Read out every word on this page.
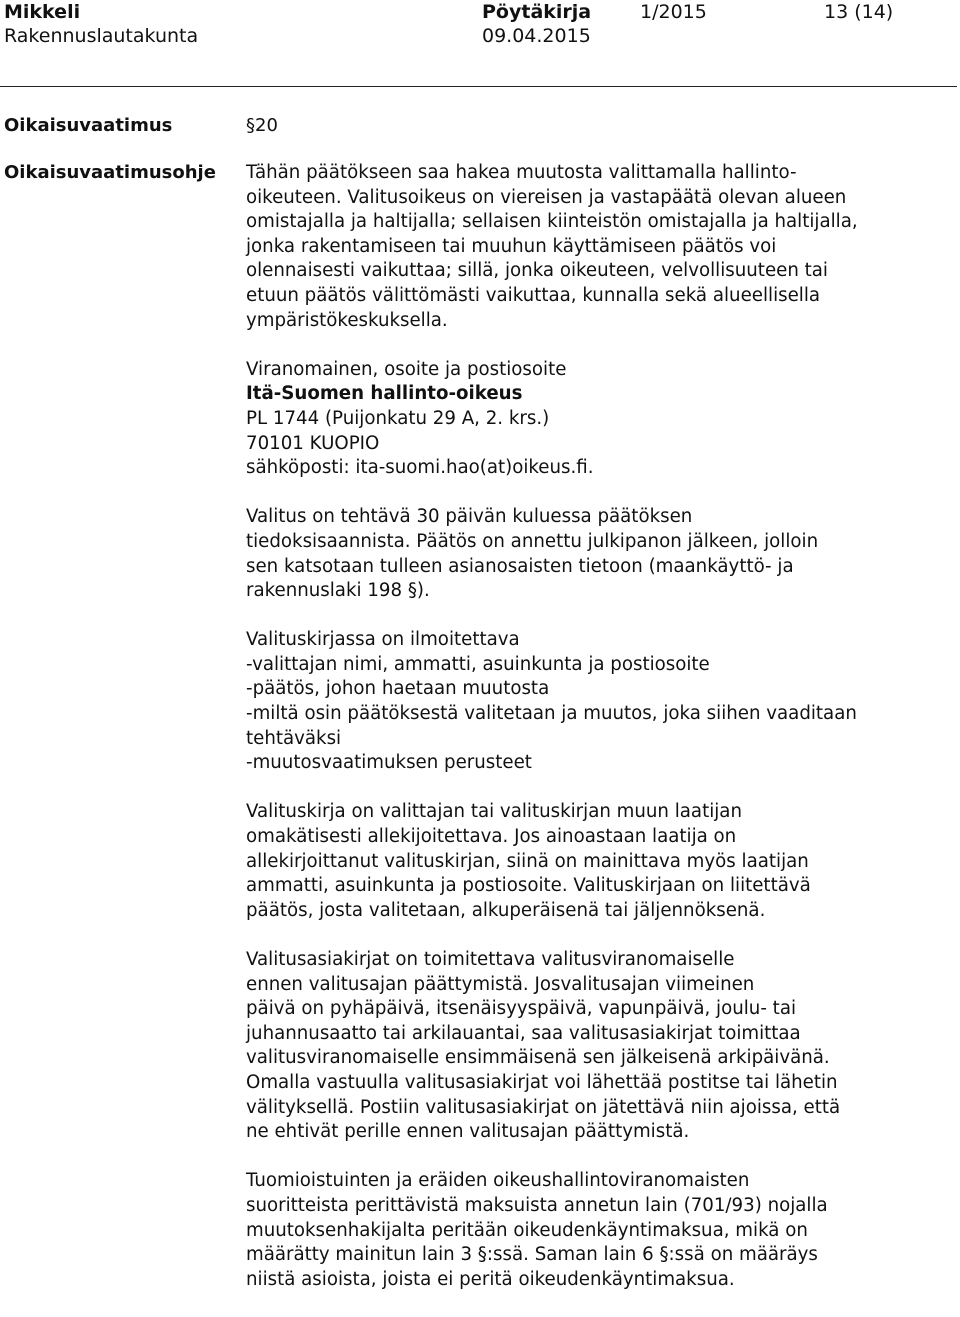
Mikkeli
Rakennuslautakunta
Pöytäkirja
09.04.2015
1/2015	13 (14)
Oikaisuvaatimus	§20
Oikaisuvaatimusohje Tähän päätökseen saa hakea muutosta valittamalla hallinto-
oikeuteen. Valitusoikeus on viereisen ja vastapäätä olevan alueen
omistajalla ja haltijalla; sellaisen kiinteistön omistajalla ja haltijalla,
jonka rakentamiseen tai muuhun käyttämiseen päätös voi
olennaisesti vaikuttaa; sillä, jonka oikeuteen, velvollisuuteen tai
etuun päätös välittömästi vaikuttaa, kunnalla sekä alueellisella
ympäristökeskuksella.

Viranomainen, osoite ja postiosoite
Itä-Suomen hallinto-oikeus
PL 1744 (Puijonkatu 29 A, 2. krs.)
70101 KUOPIO
sähköposti: ita-suomi.hao(at)oikeus.fi.

Valitus on tehtävä 30 päivän kuluessa päätöksen
tiedoksisaannista. Päätös on annettu julkipanon jälkeen, jolloin
sen katsotaan tulleen asianosaisten tietoon (maankäyttö- ja
rakennuslaki 198 §).

Valituskirjassa on ilmoitettava
-valittajan nimi, ammatti, asuinkunta ja postiosoite
-päätös, johon haetaan muutosta
-miltä osin päätöksestä valitetaan ja muutos, joka siihen vaaditaan
tehtäväksi
-muutosvaatimuksen perusteet

Valituskirja on valittajan tai valituskirjan muun laatijan
omakätisesti allekijoitettava. Jos ainoastaan laatija on
allekirjoittanut valituskirjan, siinä on mainittava myös laatijan
ammatti, asuinkunta ja postiosoite. Valituskirjaan on liitettävä
päätös, josta valitetaan, alkuperäisenä tai jäljennöksenä.

Valitusasiakirjat on toimitettava valitusviranomaiselle
ennen valitusajan päättymistä. Josvalitusajan viimeinen
päivä on pyhäpäivä, itsenäisyyspäivä, vapunpäivä, joulu- tai
juhannusaatto tai arkilauantai, saa valitusasiakirjat toimittaa
valitusviranomaiselle ensimmäisenä sen jälkeisenä arkipäivänä.
Omalla vastuulla valitusasiakirjat voi lähettää postitse tai lähetin
välityksellä. Postiin valitusasiakirjat on jätettävä niin ajoissa, että
ne ehtivät perille ennen valitusajan päättymistä.

Tuomioistuinten ja eräiden oikeushallintoviranomaisten
suoritteista perittävistä maksuista annetun lain (701/93) nojalla
muutoksenhakijalta peritään oikeudenkäyntimaksua, mikä on
määrätty mainitun lain 3 §:ssä. Saman lain 6 §:ssä on määräys
niistä asioista, joista ei peritä oikeudenkäyntimaksua.
